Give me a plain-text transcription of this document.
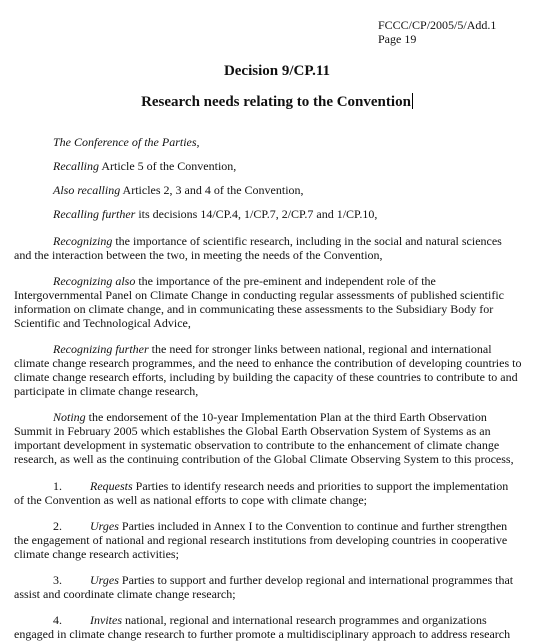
FCCC/CP/2005/5/Add.1
Page 19
Decision 9/CP.11
Research needs relating to the Convention
The Conference of the Parties,
Recalling Article 5 of the Convention,
Also recalling Articles 2, 3 and 4 of the Convention,
Recalling further its decisions 14/CP.4, 1/CP.7, 2/CP.7 and 1/CP.10,
Recognizing the importance of scientific research, including in the social and natural sciences
and the interaction between the two, in meeting the needs of the Convention,
Recognizing also the importance of the pre-eminent and independent role of the
Intergovernmental Panel on Climate Change in conducting regular assessments of published scientific
information on climate change, and in communicating these assessments to the Subsidiary Body for
Scientific and Technological Advice,
Recognizing further the need for stronger links between national, regional and international
climate change research programmes, and the need to enhance the contribution of developing countries to
climate change research efforts, including by building the capacity of these countries to contribute to and
participate in climate change research,
Noting the endorsement of the 10-year Implementation Plan at the third Earth Observation
Summit in February 2005 which establishes the Global Earth Observation System of Systems as an
important development in systematic observation to contribute to the enhancement of climate change
research, as well as the continuing contribution of the Global Climate Observing System to this process,
1. Requests Parties to identify research needs and priorities to support the implementation
of the Convention as well as national efforts to cope with climate change;
2. Urges Parties included in Annex I to the Convention to continue and further strengthen
the engagement of national and regional research institutions from developing countries in cooperative
climate change research activities;
3. Urges Parties to support and further develop regional and international programmes that
assist and coordinate climate change research;
4. Invites national, regional and international research programmes and organizations
engaged in climate change research to further promote a multidisciplinary approach to address research
